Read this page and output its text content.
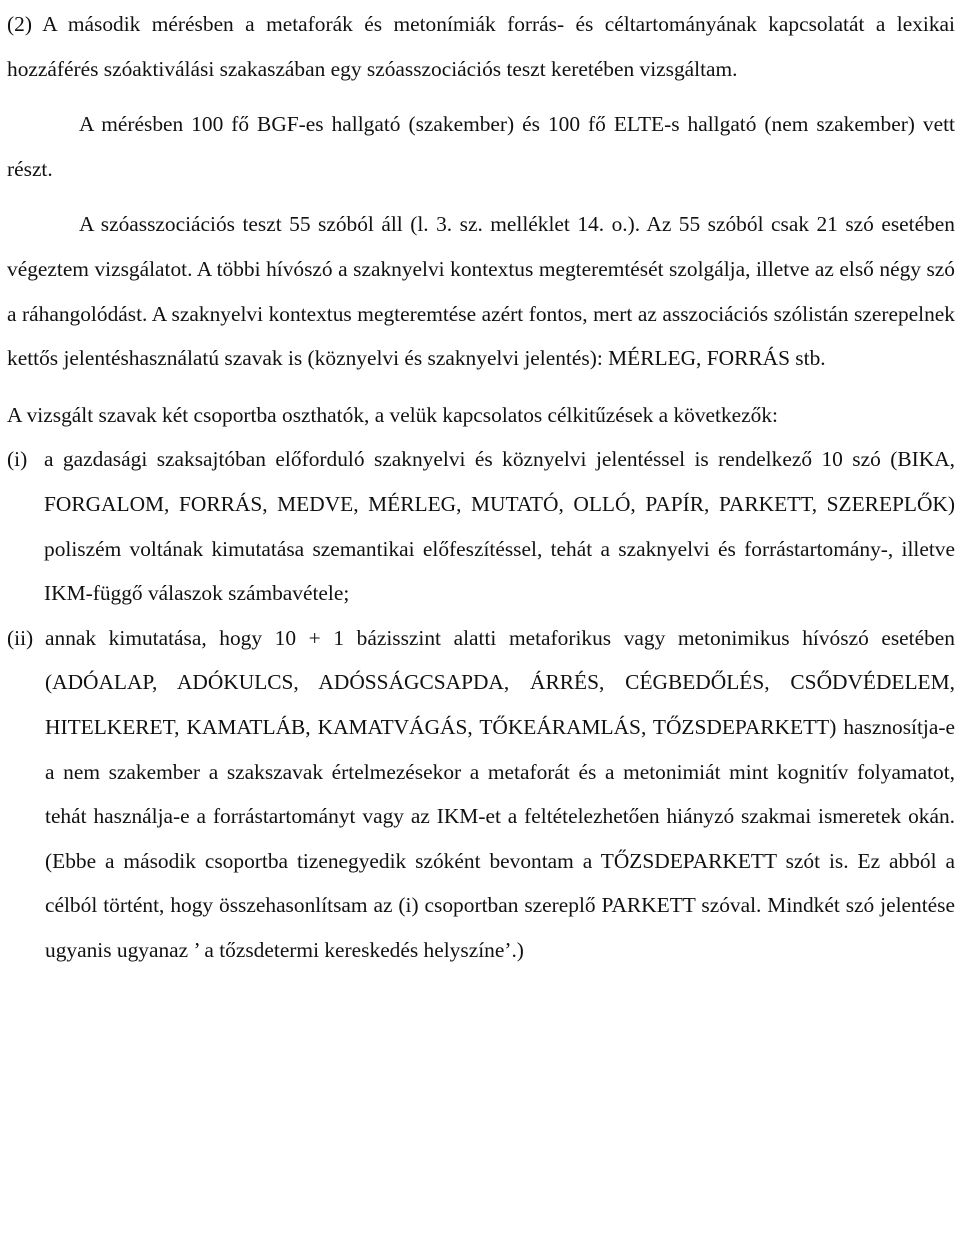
(2) A második mérésben a metaforák és metonímiák forrás- és céltartományának kapcsolatát a lexikai hozzáférés szóaktiválási szakaszában egy szóasszociációs teszt keretében vizsgáltam.

A mérésben 100 fő BGF-es hallgató (szakember) és 100 fő ELTE-s hallgató (nem szakember) vett részt.

A szóasszociációs teszt 55 szóból áll (l. 3. sz. melléklet 14. o.). Az 55 szóból csak 21 szó esetében végeztem vizsgálatot. A többi hívószó a szaknyelvi kontextus megteremtését szolgálja, illetve az első négy szó a ráhangolódást. A szaknyelvi kontextus megteremtése azért fontos, mert az asszociációs szólistán szerepelnek kettős jelentéshasználatú szavak is (köznyelvi és szaknyelvi jelentés): MÉRLEG, FORRÁS stb.

A vizsgált szavak két csoportba oszthatók, a velük kapcsolatos célkitűzések a következők:

(i) a gazdasági szaksajtóban előforduló szaknyelvi és köznyelvi jelentéssel is rendelkező 10 szó (BIKA, FORGALOM, FORRÁS, MEDVE, MÉRLEG, MUTATÓ, OLLÓ, PAPÍR, PARKETT, SZEREPLŐK) poliszém voltának kimutatása szemantikai előfeszítéssel, tehát a szaknyelvi és forrástartomány-, illetve IKM-függő válaszok számbavétele;
(ii) annak kimutatása, hogy 10 + 1 bázisszint alatti metaforikus vagy metonimikus hívószó esetében (ADÓALAP, ADÓKULCS, ADÓSSÁGCSAPDA, ÁRRÉS, CÉGBEDŐLÉS, CSŐDVÉDELEM, HITELKERET, KAMATLÁB, KAMATVÁGÁS, TŐKEÁRAMLÁS, TŐZSDEPARKETT) hasznosítja-e a nem szakember a szakszavak értelmezésekor a metaforát és a metonimiát mint kognitív folyamatot, tehát használja-e a forrástartományt vagy az IKM-et a feltételezhetően hiányzó szakmai ismeretek okán. (Ebbe a második csoportba tizenegyedik szóként bevontam a TŐZSDEPARKETT szót is. Ez abból a célból történt, hogy összehasonlítsam az (i) csoportban szereplő PARKETT szóval. Mindkét szó jelentése ugyanis ugyanaz ’ a tőzsdetermi kereskedés helyszíne’.)
